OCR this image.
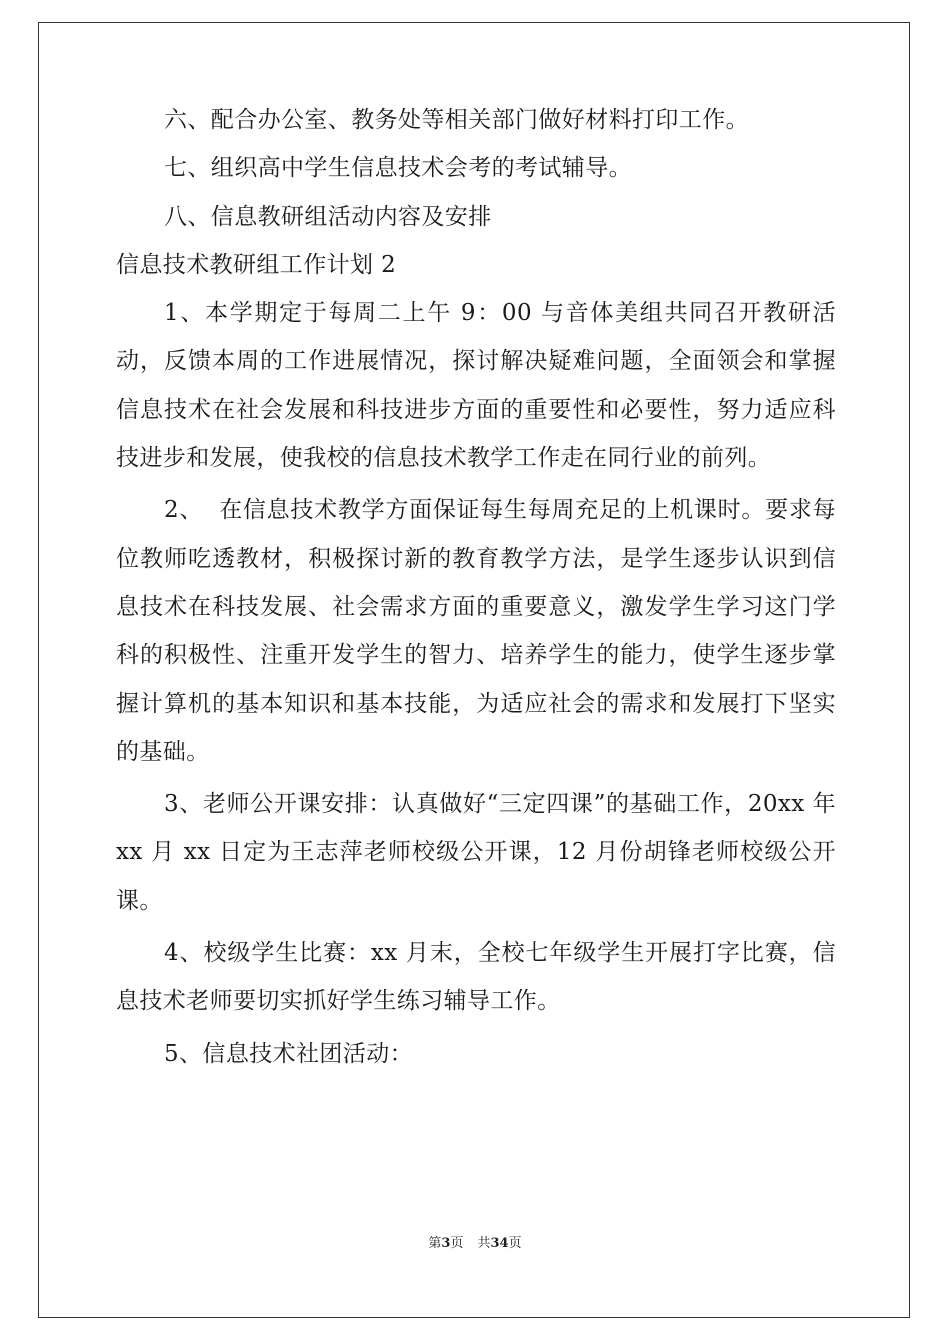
六、配合办公室、教务处等相关部门做好材料打印工作。

七、组织高中学生信息技术会考的考试辅导。

八、信息教研组活动内容及安排

信息技术教研组工作计划 2

1、本学期定于每周二上午 9：00 与音体美组共同召开教研活动，反馈本周的工作进展情况，探讨解决疑难问题，全面领会和掌握信息技术在社会发展和科技进步方面的重要性和必要性，努力适应科技进步和发展，使我校的信息技术教学工作走在同行业的前列。

2、  在信息技术教学方面保证每生每周充足的上机课时。要求每位教师吃透教材，积极探讨新的教育教学方法，是学生逐步认识到信息技术在科技发展、社会需求方面的重要意义，激发学生学习这门学科的积极性、注重开发学生的智力、培养学生的能力，使学生逐步掌握计算机的基本知识和基本技能，为适应社会的需求和发展打下坚实的基础。

3、老师公开课安排：认真做好“三定四课”的基础工作，20xx 年 xx 月 xx 日定为王志萍老师校级公开课，12 月份胡锋老师校级公开课。

4、校级学生比赛：xx 月末，全校七年级学生开展打字比赛，信息技术老师要切实抓好学生练习辅导工作。

5、信息技术社团活动：

第3页 共34页
